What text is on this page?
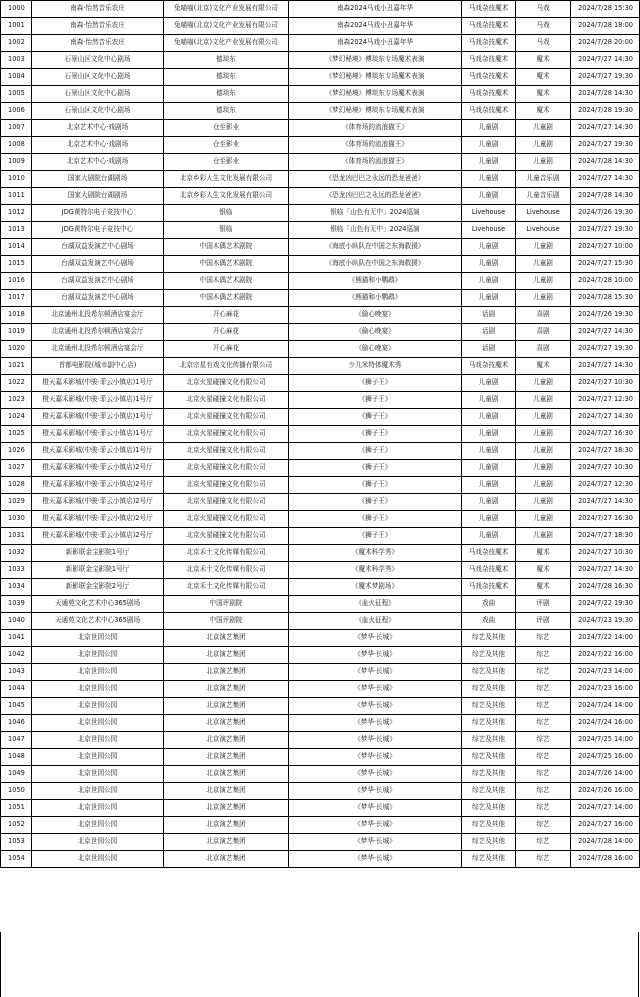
1000	南森·怡然音乐农庄	兔喵喵(北京)文化产业发展有限公司	南森2024马戏小丑嘉年华	马戏杂技魔术	马戏	2024/7/28 15:30
1001	南森·怡然音乐农庄	兔喵喵(北京)文化产业发展有限公司	南森2024马戏小丑嘉年华	马戏杂技魔术	马戏	2024/7/28 18:00
1002	南森·怡然音乐农庄	兔喵喵(北京)文化产业发展有限公司	南森2024马戏小丑嘉年华	马戏杂技魔术	马戏	2024/7/28 20:00
1003	石景山区文化中心剧场	德琰东	《梦幻秘境》傅琰东专场魔术表演	马戏杂技魔术	魔术	2024/7/27 14:30
1004	石景山区文化中心剧场	德琰东	《梦幻秘境》傅琰东专场魔术表演	马戏杂技魔术	魔术	2024/7/27 19:30
1005	石景山区文化中心剧场	德琰东	《梦幻秘境》傅琰东专场魔术表演	马戏杂技魔术	魔术	2024/7/28 14:30
1006	石景山区文化中心剧场	德琰东	《梦幻秘境》傅琰东专场魔术表演	马戏杂技魔术	魔术	2024/7/28 19:30
1007	北京艺术中心·戏剧场	仓至影业	《体育场的流浪猫王》	儿童剧	儿童剧	2024/7/27 14:30
1008	北京艺术中心·戏剧场	仓至影业	《体育场的流浪猫王》	儿童剧	儿童剧	2024/7/27 19:30
1009	北京艺术中心·戏剧场	仓至影业	《体育场的流浪猫王》	儿童剧	儿童剧	2024/7/28 14:30
1010	国家大剧院台湖剧场	北京乡彩人生文化发展有限公司	《恐龙凶巴巴之永远的恐龙爸爸》	儿童剧	儿童音乐剧	2024/7/27 14:30
1011	国家大剧院台湖剧场	北京乡彩人生文化发展有限公司	《恐龙凶巴巴之永远的恐龙爸爸》	儿童剧	儿童音乐剧	2024/7/28 14:30
1012	JDG黄特尔电子竞技中心	银临	银临「山色有无中」2024巡演	Livehouse	Livehouse	2024/7/26 19:30
1013	JDG黄特尔电子竞技中心	银临	银临「山色有无中」2024巡演	Livehouse	Livehouse	2024/7/27 19:30
1014	台湖双益发演艺中心剧场	中国木偶艺术剧院	《海底小纵队在中国之东海救援》	儿童剧	儿童剧	2024/7/27 10:00
1015	台湖双益发演艺中心剧场	中国木偶艺术剧院	《海底小纵队在中国之东海救援》	儿童剧	儿童剧	2024/7/27 15:30
1016	台湖双益发演艺中心剧场	中国木偶艺术剧院	《熊猫和小鹦鹉》	儿童剧	儿童剧	2024/7/28 10:00
1017	台湖双益发演艺中心剧场	中国木偶艺术剧院	《熊猫和小鹦鹉》	儿童剧	儿童剧	2024/7/28 15:30
1018	北京通州北投希尔顿酒店宴会厅	开心麻花	《偷心晚宴》	话剧	喜剧	2024/7/26 19:30
1019	北京通州北投希尔顿酒店宴会厅	开心麻花	《偷心晚宴》	话剧	喜剧	2024/7/27 14:30
1020	北京通州北投希尔顿酒店宴会厅	开心麻花	《偷心晚宴》	话剧	喜剧	2024/7/27 19:30
1021	首都电影院(城市副中心店)	北京宗星有戏文化传播有限公司	少儿米特体魔术秀	马戏杂技魔术	魔术	2024/7/27 14:30
1022	橙天嘉禾影城(中骏·菲云小镇店)1号厅	北京火星碰撞文化有限公司	《狮子王》	儿童剧	儿童剧	2024/7/27 10:30
1023	橙天嘉禾影城(中骏·菲云小镇店)1号厅	北京火星碰撞文化有限公司	《狮子王》	儿童剧	儿童剧	2024/7/27 12:30
1024	橙天嘉禾影城(中骏·菲云小镇店)1号厅	北京火星碰撞文化有限公司	《狮子王》	儿童剧	儿童剧	2024/7/27 14:30
1025	橙天嘉禾影城(中骏·菲云小镇店)1号厅	北京火星碰撞文化有限公司	《狮子王》	儿童剧	儿童剧	2024/7/27 16:30
1026	橙天嘉禾影城(中骏·菲云小镇店)1号厅	北京火星碰撞文化有限公司	《狮子王》	儿童剧	儿童剧	2024/7/27 18:30
1027	橙天嘉禾影城(中骏·菲云小镇店)2号厅	北京火星碰撞文化有限公司	《狮子王》	儿童剧	儿童剧	2024/7/27 10:30
1028	橙天嘉禾影城(中骏·菲云小镇店)2号厅	北京火星碰撞文化有限公司	《狮子王》	儿童剧	儿童剧	2024/7/27 12:30
1029	橙天嘉禾影城(中骏·菲云小镇店)2号厅	北京火星碰撞文化有限公司	《狮子王》	儿童剧	儿童剧	2024/7/27 14:30
1030	橙天嘉禾影城(中骏·菲云小镇店)2号厅	北京火星碰撞文化有限公司	《狮子王》	儿童剧	儿童剧	2024/7/27 16:30
1031	橙天嘉禾影城(中骏·菲云小镇店)2号厅	北京火星碰撞文化有限公司	《狮子王》	儿童剧	儿童剧	2024/7/27 18:30
1032	新影联金宝影院1号厅	北京禾土文化传媒有限公司	《魔术科学秀》	马戏杂技魔术	魔术	2024/7/27 10:30
1033	新影联金宝影院1号厅	北京禾土文化传媒有限公司	《魔术科学秀》	马戏杂技魔术	魔术	2024/7/27 14:30
1034	新影联金宝影院2号厅	北京禾土文化传媒有限公司	《魔术梦剧场》	马戏杂技魔术	魔术	2024/7/28 16:30
1039	天通苑文化艺术中心365剧场	中国评剧院	《血火征程》	戏曲	评剧	2024/7/22 19:30
1040	天通苑文化艺术中心365剧场	中国评剧院	《血火征程》	戏曲	评剧	2024/7/23 19:30
1041	北京世园公园	北京演艺集团	《梦华·长城》	综艺及其他	综艺	2024/7/22 14:00
1042	北京世园公园	北京演艺集团	《梦华·长城》	综艺及其他	综艺	2024/7/22 16:00
1043	北京世园公园	北京演艺集团	《梦华·长城》	综艺及其他	综艺	2024/7/23 14:00
1044	北京世园公园	北京演艺集团	《梦华·长城》	综艺及其他	综艺	2024/7/23 16:00
1045	北京世园公园	北京演艺集团	《梦华·长城》	综艺及其他	综艺	2024/7/24 14:00
1046	北京世园公园	北京演艺集团	《梦华·长城》	综艺及其他	综艺	2024/7/24 16:00
1047	北京世园公园	北京演艺集团	《梦华·长城》	综艺及其他	综艺	2024/7/25 14:00
1048	北京世园公园	北京演艺集团	《梦华·长城》	综艺及其他	综艺	2024/7/25 16:00
1049	北京世园公园	北京演艺集团	《梦华·长城》	综艺及其他	综艺	2024/7/26 14:00
1050	北京世园公园	北京演艺集团	《梦华·长城》	综艺及其他	综艺	2024/7/26 16:00
1051	北京世园公园	北京演艺集团	《梦华·长城》	综艺及其他	综艺	2024/7/27 14:00
1052	北京世园公园	北京演艺集团	《梦华·长城》	综艺及其他	综艺	2024/7/27 16:00
1053	北京世园公园	北京演艺集团	《梦华·长城》	综艺及其他	综艺	2024/7/28 14:00
1054	北京世园公园	北京演艺集团	《梦华·长城》	综艺及其他	综艺	2024/7/28 16:00
